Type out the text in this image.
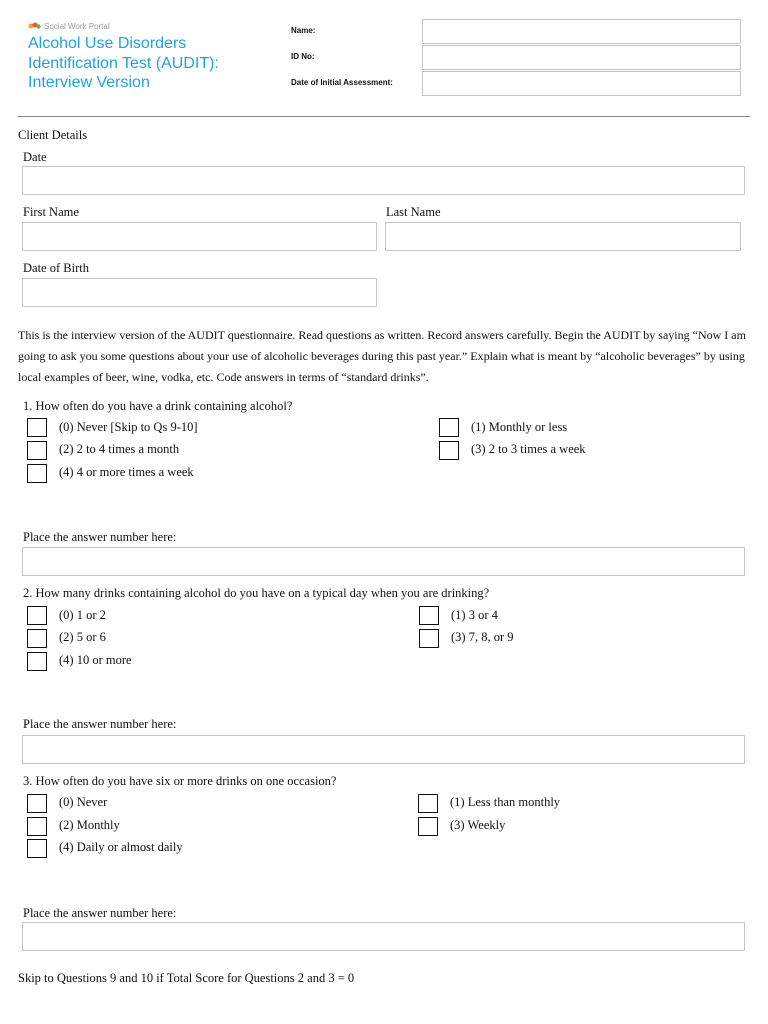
Social Work Portal
Alcohol Use Disorders
Identification Test (AUDIT):
Interview Version
Name:
ID No:
Date of Initial Assessment:
Client Details
Date
First Name	Last Name
Date of Birth
This is the interview version of the AUDIT questionnaire. Read questions as written. Record answers carefully. Begin the AUDIT by saying “Now I am going to ask you some questions about your use of alcoholic beverages during this past year.” Explain what is meant by “alcoholic beverages” by using local examples of beer, wine, vodka, etc. Code answers in terms of “standard drinks”.
1. How often do you have a drink containing alcohol?
(0) Never [Skip to Qs 9-10]	(1) Monthly or less
(2) 2 to 4 times a month	(3) 2 to 3 times a week
(4) 4 or more times a week
Place the answer number here:
2. How many drinks containing alcohol do you have on a typical day when you are drinking?
(0) 1 or 2	(1) 3 or 4
(2) 5 or 6	(3) 7, 8, or 9
(4) 10 or more
Place the answer number here:
3. How often do you have six or more drinks on one occasion?
(0) Never	(1) Less than monthly
(2) Monthly	(3) Weekly
(4) Daily or almost daily
Place the answer number here:
Skip to Questions 9 and 10 if Total Score for Questions 2 and 3 = 0
